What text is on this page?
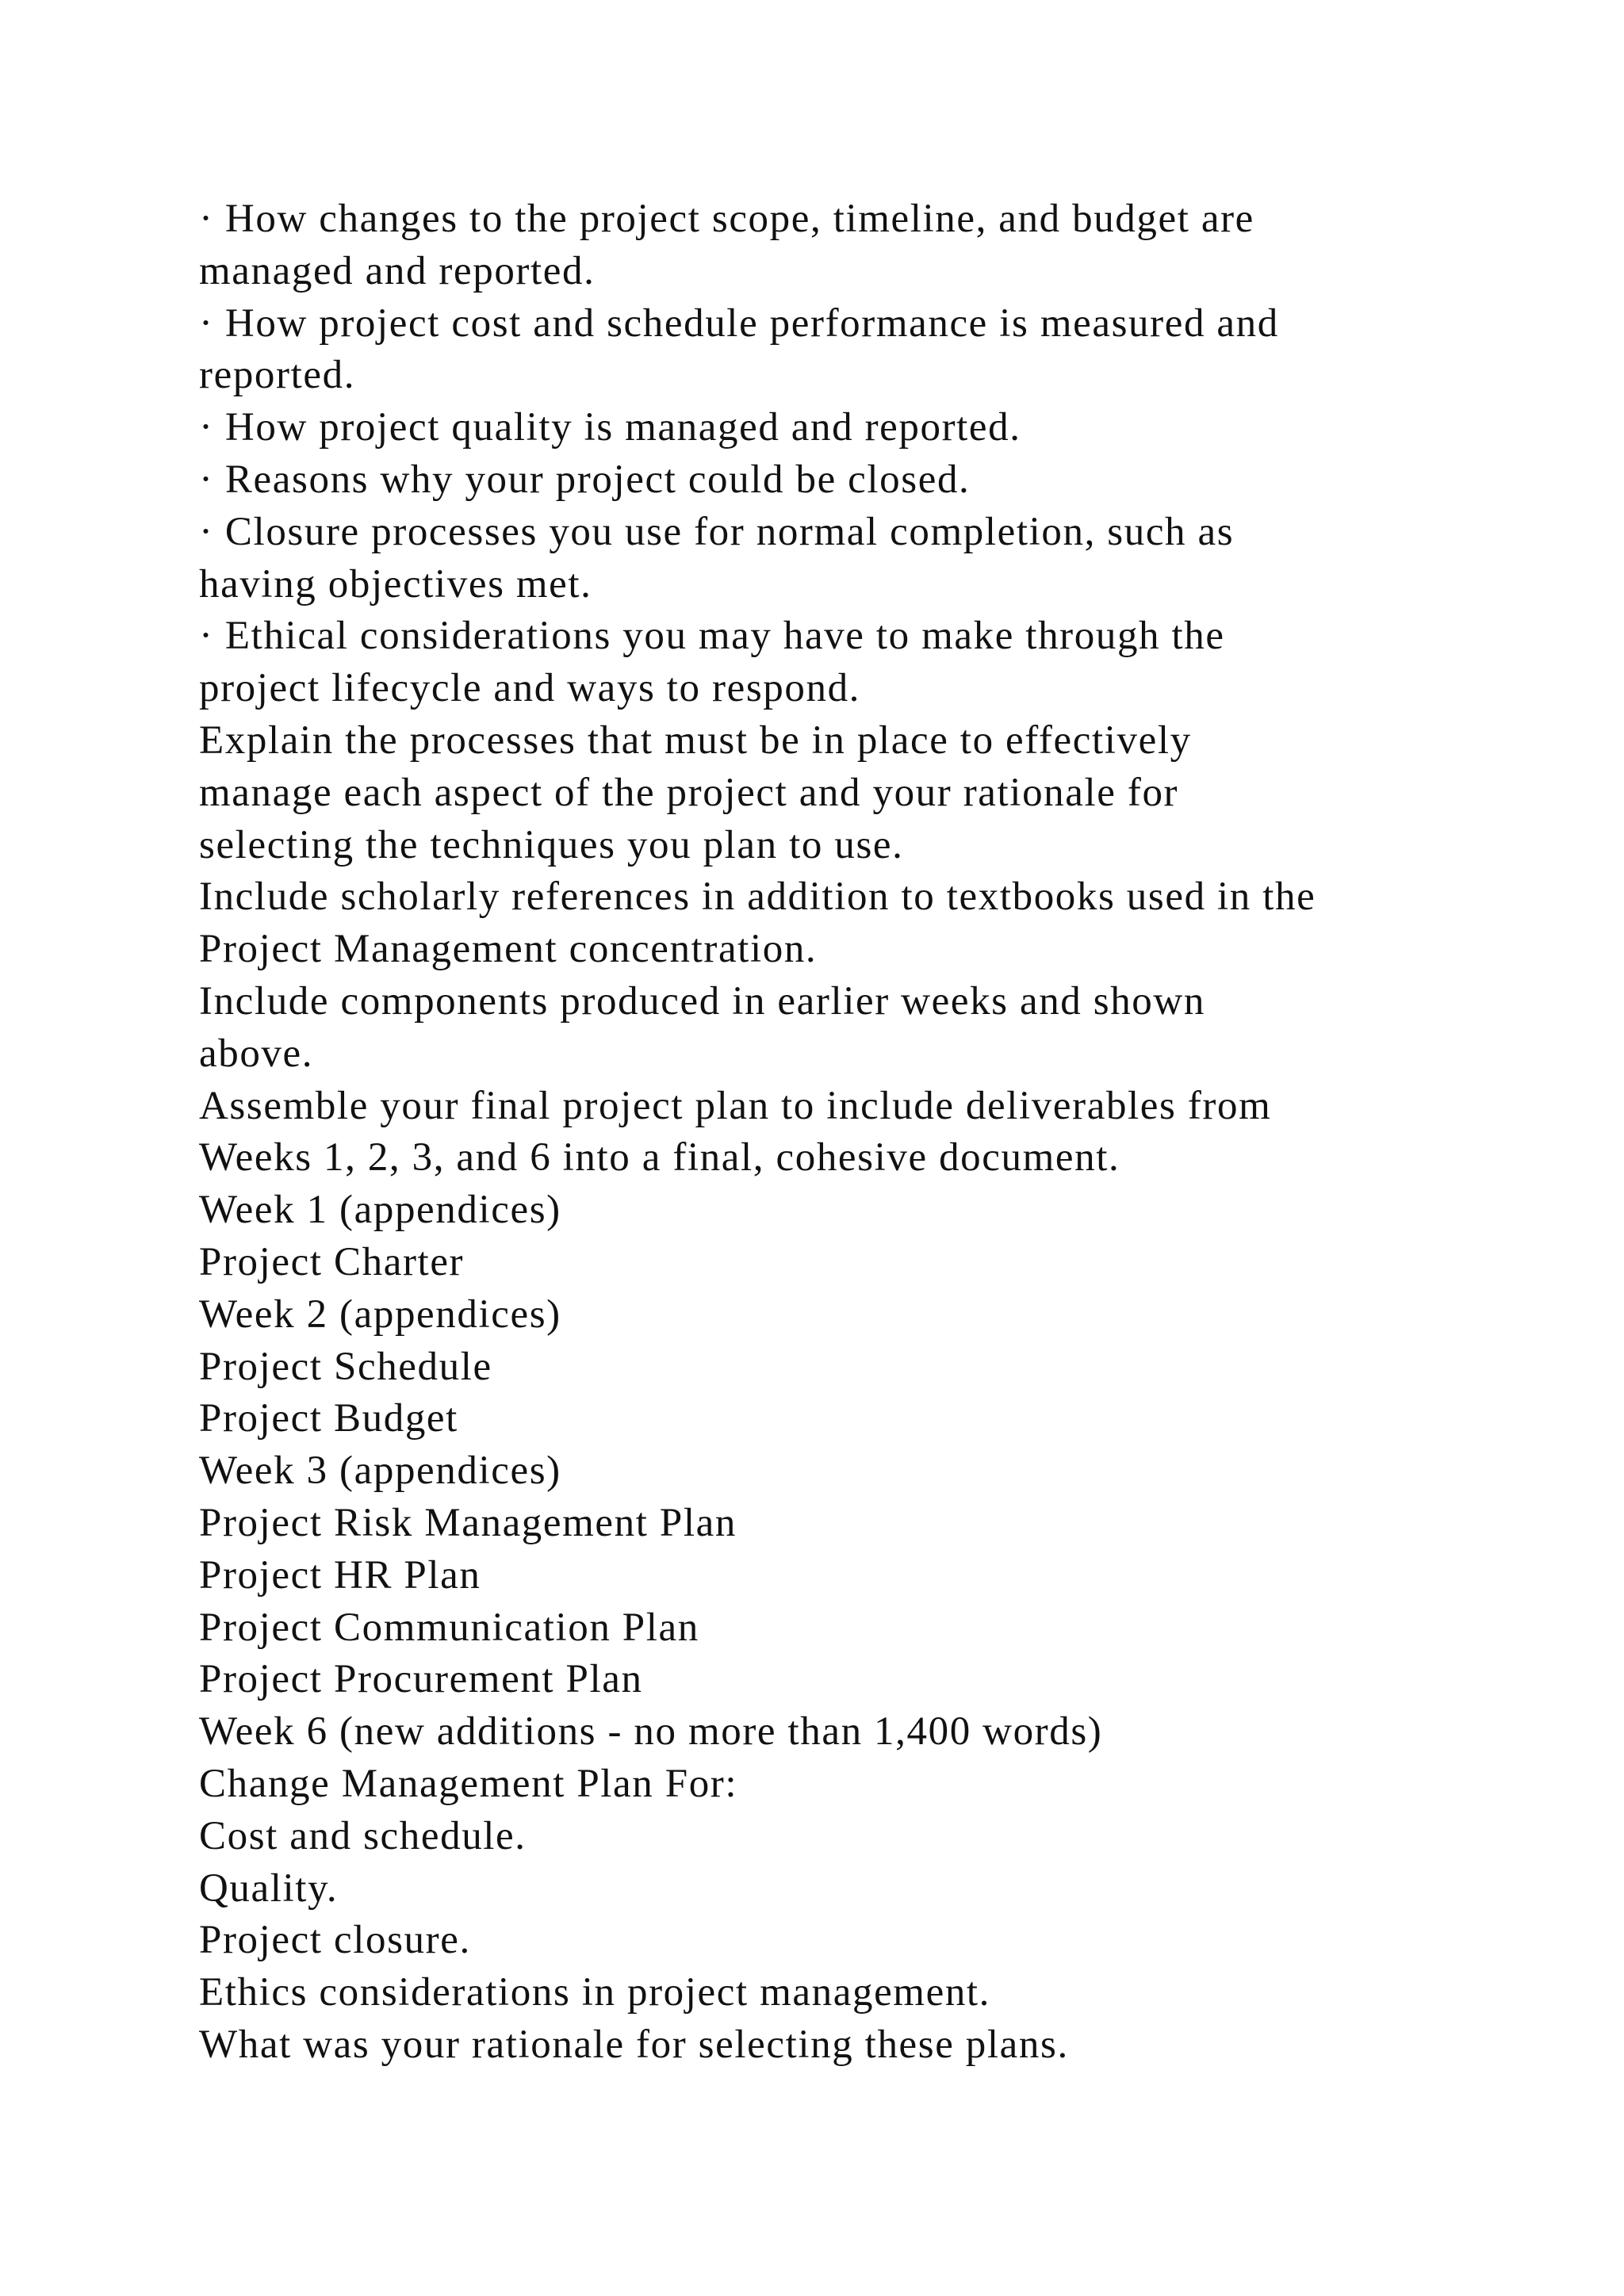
· How changes to the project scope, timeline, and budget are
managed and reported.
· How project cost and schedule performance is measured and
reported.
· How project quality is managed and reported.
· Reasons why your project could be closed.
· Closure processes you use for normal completion, such as
having objectives met.
· Ethical considerations you may have to make through the
project lifecycle and ways to respond.
Explain the processes that must be in place to effectively
manage each aspect of the project and your rationale for
selecting the techniques you plan to use.
Include scholarly references in addition to textbooks used in the
Project Management concentration.
Include components produced in earlier weeks and shown
above.
Assemble your final project plan to include deliverables from
Weeks 1, 2, 3, and 6 into a final, cohesive document.
Week 1 (appendices)
Project Charter
Week 2 (appendices)
Project Schedule
Project Budget
Week 3 (appendices)
Project Risk Management Plan
Project HR Plan
Project Communication Plan
Project Procurement Plan
Week 6 (new additions - no more than 1,400 words)
Change Management Plan For:
Cost and schedule.
Quality.
Project closure.
Ethics considerations in project management.
What was your rationale for selecting these plans.
